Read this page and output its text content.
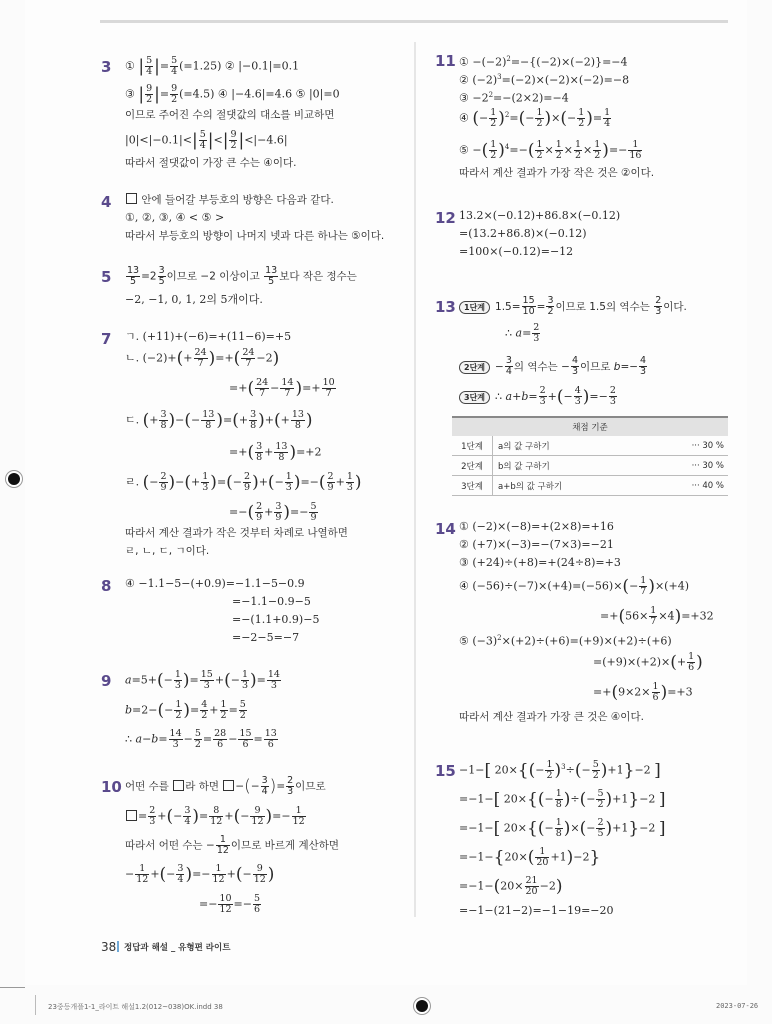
3 ① | $\frac{5}{4}$ |= $\frac{5}{4} (=1.25)$ ② |−0.1|=0.1
③ | $\frac{9}{2}$ |= $\frac{9}{2} (=4.5)$ ④ |−4.6|=4.6 ⑤ |0|=0
이므로 주어진 수의 절댓값의 대소를 비교하면
$|0|<|-0.1|<| \frac{5}{4}$ |<| $\frac{9}{2} |<|-4.6|$
따라서 절댓값이 가장 큰 수는 ④이다.
4	안에 들어갈 부등호의 방향은 다음과 같다.
①, ②, ③, ④ < ⑤ >
따라서 부등호의 방향이 나머지 넷과 다른 하나는 ⑤이다.
$5 \frac{13}{5} =2 \frac{3}{5}$ 이므로 −2 이상이고 $\frac{13}{5}$ 보다 작은 정수는
−2, −1, 0, 1, 2의 5개이다.
7 ㄱ. (+11)+(−6)=+(11−6)=+5
ㄴ. $(-2)+(+ \frac{24}{7}$ )=+( $\frac{24}{7} -2$)
=+( $\frac{24}{7} - \frac{14}{7}$ )=+ $\frac{10}{7}$
ㄷ. (+ $\frac{3}{8}$ )−(− $\frac{13}{8}$ )=(+ $\frac{3}{8}$ )+(+ $\frac{13}{8}$ )
=+( $\frac{3}{8} + \frac{13}{8} )=+2$
ㄹ. (− $\frac{2}{9}$ )−(+ $\frac{1}{3}$ )=(− $\frac{2}{9}$ )+(− $\frac{1}{3}$ )=−( $\frac{2}{9} + \frac{1}{3}$ )
=−( $\frac{2}{9} + \frac{3}{9}$ )=− $\frac{5}{9}$
따라서 계산 결과가 작은 것부터 차례로 나열하면
ㄹ, ㄴ, ㄷ, ㄱ이다.
8 ④ −1.1−5−(+0.9)=−1.1−5−0.9
=−1.1−0.9−5
=−(1.1+0.9)−5
=−2−5=−7
9 $a=5+(- \frac{1}{3}$ )= $\frac{15}{3}$ +(− $\frac{1}{3}$ )= $\frac{14}{3}$
$b=2-(- \frac{1}{2}$ )= $\frac{4}{2} + \frac{1}{2} = \frac{5}{2}$
∴ $a-b= \frac{14}{3} - \frac{5}{2} = \frac{28}{6} - \frac{15}{6} = \frac{13}{6}$
10 어떤 수를 라 하면 −(− $\frac{3}{4}$ )= $\frac{2}{3}$ 이므로
= $\frac{2}{3}$ +(− $\frac{3}{4}$ )= $\frac{8}{12}$ +(− $\frac{9}{12}$ )=− $\frac{1}{12}$
따라서 어떤 수는 − $\frac{1}{12}$ 이므로 바르게 계산하면
− $\frac{1}{12}$ +(− $\frac{3}{4}$ )=− $\frac{1}{12}$ +(− $\frac{9}{12}$ )
=− $\frac{10}{12} =- \frac{5}{6}$
11 ① $-(-2)^2=-\{(-2)\times(-2)\}=-4$
② $(-2)^3=(-2)\times(-2)\times(-2)=-8$
③ $-2^2=-(2\times 2)=-4$
④ (− $\frac{1}{2} )^2=(- \frac{1}{2}$ )×(− $\frac{1}{2}$ )= $\frac{1}{4}$
⑤ −( $\frac{1}{2} )^4=-( \frac{1}{2} \times \frac{1}{2} \times \frac{1}{2} \times \frac{1}{2}$ )=− $\frac{1}{16}$
따라서 계산 결과가 가장 작은 것은 ②이다.
12 13.2×(−0.12)+86.8×(−0.12)
=(13.2+86.8)×(−0.12)
=100×(−0.12)=−12
13	1단계 $1.5= \frac{15}{10} = \frac{3}{2}$ 이므로 1.5의 역수는 $\frac{2}{3}$ 이다.
∴ $a= \frac{2}{3}$
2단계 − $\frac{3}{4}$ 의 역수는 − $\frac{4}{3}$ 이므로 $b=- \frac{4}{3}$
3단계 ∴ $a+b= \frac{2}{3}$ +(− $\frac{4}{3}$ )=− $\frac{2}{3}$
채점 기준
1단계	a의 값 구하기	··· 30 %
2단계	b의 값 구하기	··· 30 %
3단계	a+b의 값 구하기	··· 40 %
14 ① (−2)×(−8)=+(2×8)=+16
② (+7)×(−3)=−(7×3)=−21
③ (+24)÷(+8)=+(24÷8)=+3
④ $(-56)\div(-7)\times(+4)=(-56)\times(- \frac{1}{7} )\times(+4)$
$=+(56\times \frac{1}{7} \times 4)=+32$
⑤ $(-3)^2\times(+2)\div(+6)=(+9)\times(+2)\div(+6)$
$=(+9)\times(+2)\times(+ \frac{1}{6}$ )
$=+(9\times 2\times \frac{1}{6} )=+3$
따라서 계산 결과가 가장 큰 것은 ④이다.
15 −1−[ $20\times\{(- \frac{1}{2} )^3\div(- \frac{5}{2} )+1\}-2$ ]
=−1−[ $20\times\{(- \frac{1}{8}$ )÷(− $\frac{5}{2} )+1\}-2$ ]
=−1−[ $20\times\{(- \frac{1}{8}$ )×(− $\frac{2}{5} )+1\}-2$ ]
$=-1-\{20\times( \frac{1}{20} +1)-2\}$
$=-1-(20\times \frac{21}{20} -2)$
=−1−(21−2)=−1−19=−20
38 정답과 해설 _ 유형편 라이트
23중등개플1-1_라이트 해설1.2(012~038)OK.indd 38	2023-07-26
